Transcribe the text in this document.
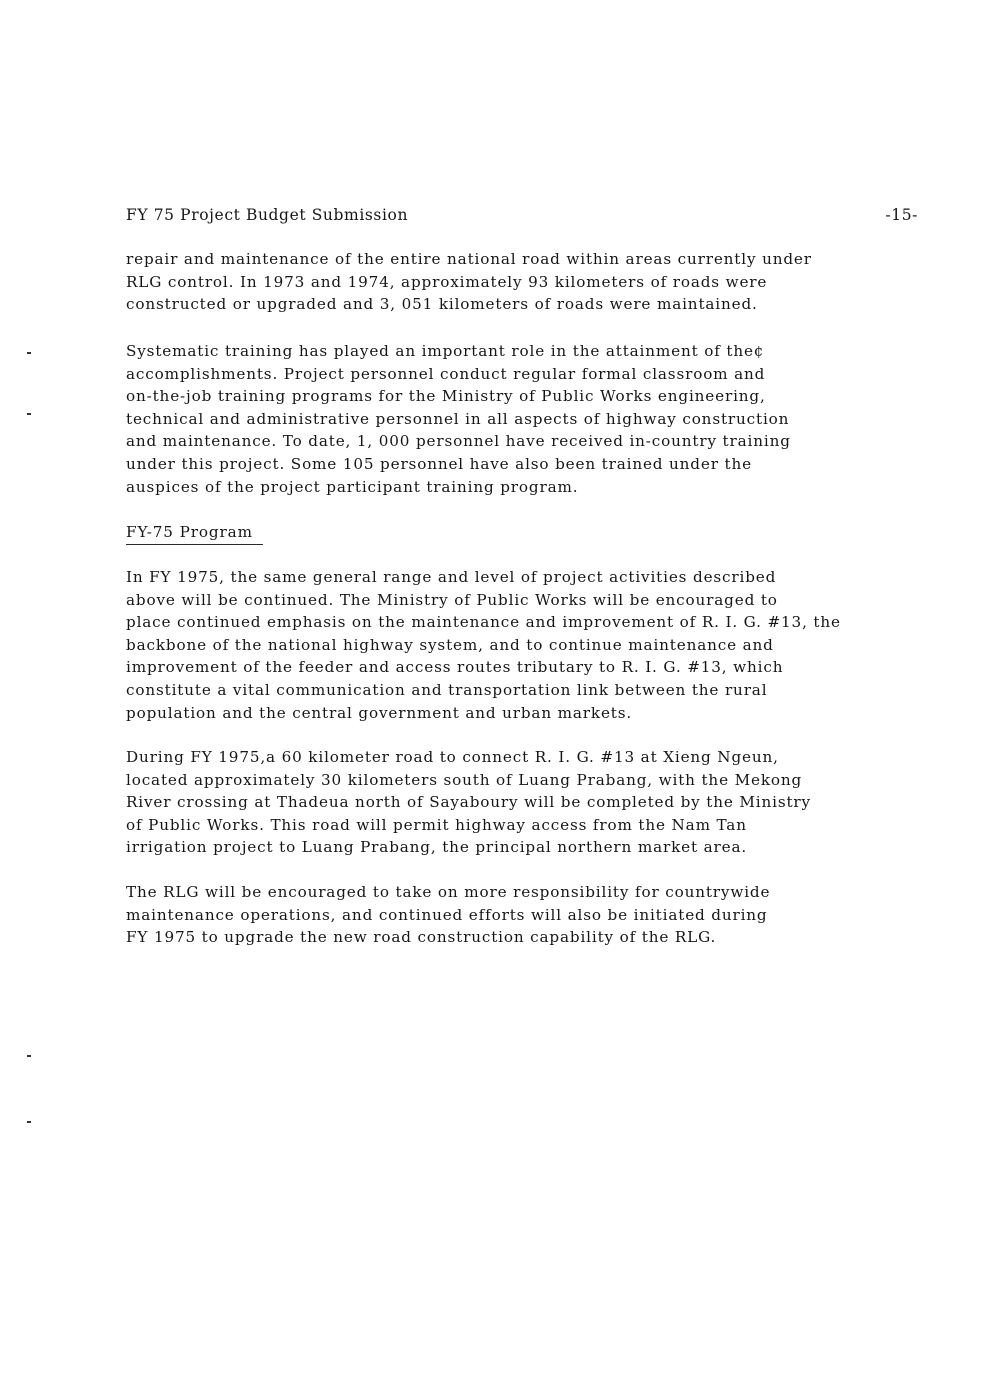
FY 75 Project Budget Submission	-15-
repair and maintenance of the entire national road within areas currently under
RLG control. In 1973 and 1974, approximately 93 kilometers of roads were
constructed or upgraded and 3, 051 kilometers of roads were maintained.
Systematic training has played an important role in the attainment of the¢
accomplishments. Project personnel conduct regular formal classroom and
on-the-job training programs for the Ministry of Public Works engineering,
technical and administrative personnel in all aspects of highway construction
and maintenance. To date, 1, 000 personnel have received in-country training
under this project. Some 105 personnel have also been trained under the
auspices of the project participant training program.
FY-75 Program
In FY 1975, the same general range and level of project activities described
above will be continued. The Ministry of Public Works will be encouraged to
place continued emphasis on the maintenance and improvement of R. I. G. #13, the
backbone of the national highway system, and to continue maintenance and
improvement of the feeder and access routes tributary to R. I. G. #13, which
constitute a vital communication and transportation link between the rural
population and the central government and urban markets.
During FY 1975,a 60 kilometer road to connect R. I. G. #13 at Xieng Ngeun,
located approximately 30 kilometers south of Luang Prabang, with the Mekong
River crossing at Thadeua north of Sayaboury will be completed by the Ministry
of Public Works. This road will permit highway access from the Nam Tan
irrigation project to Luang Prabang, the principal northern market area.
The RLG will be encouraged to take on more responsibility for countrywide
maintenance operations, and continued efforts will also be initiated during
FY 1975 to upgrade the new road construction capability of the RLG.
